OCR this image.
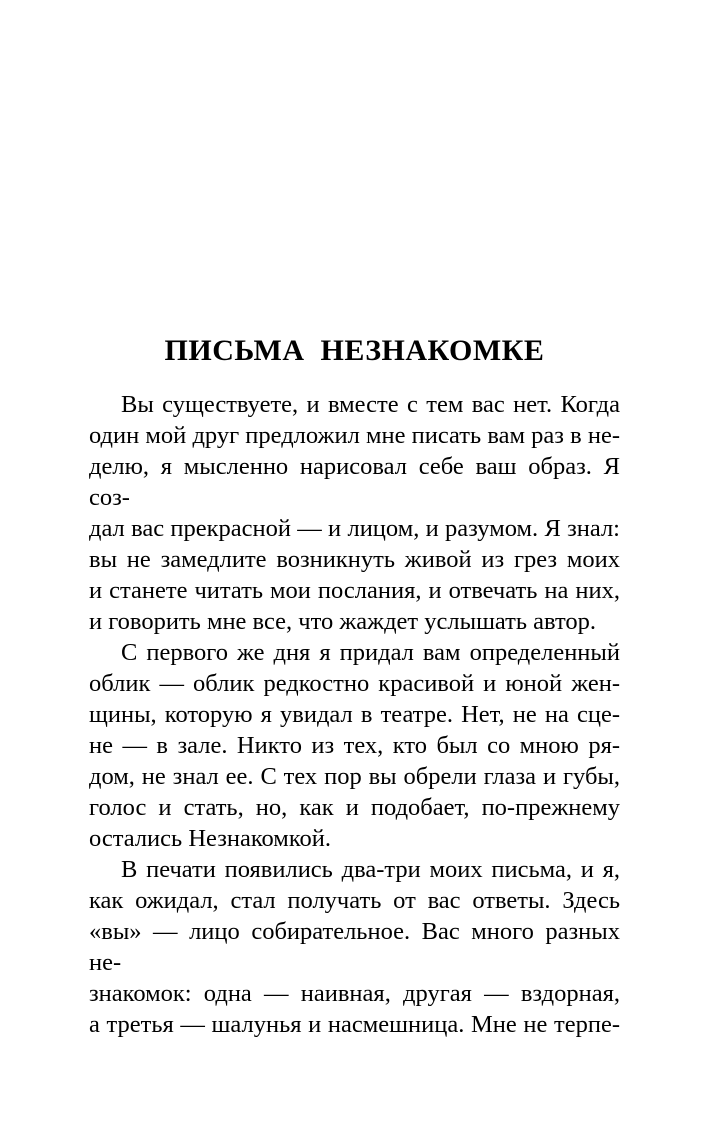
ПИСЬМА НЕЗНАКОМКЕ
Вы существуете, и вместе с тем вас нет. Когда
один мой друг предложил мне писать вам раз в не-
делю, я мысленно нарисовал себе ваш образ. Я соз-
дал вас прекрасной — и лицом, и разумом. Я знал:
вы не замедлите возникнуть живой из грез моих
и станете читать мои послания, и отвечать на них,
и говорить мне все, что жаждет услышать автор.
С первого же дня я придал вам определенный
облик — облик редкостно красивой и юной жен-
щины, которую я увидал в театре. Нет, не на сце-
не — в зале. Никто из тех, кто был со мною ря-
дом, не знал ее. С тех пор вы обрели глаза и губы,
голос и стать, но, как и подобает, по-прежнему
остались Незнакомкой.
В печати появились два-три моих письма, и я,
как ожидал, стал получать от вас ответы. Здесь
«вы» — лицо собирательное. Вас много разных не-
знакомок: одна — наивная, другая — вздорная,
а третья — шалунья и насмешница. Мне не терпе-
